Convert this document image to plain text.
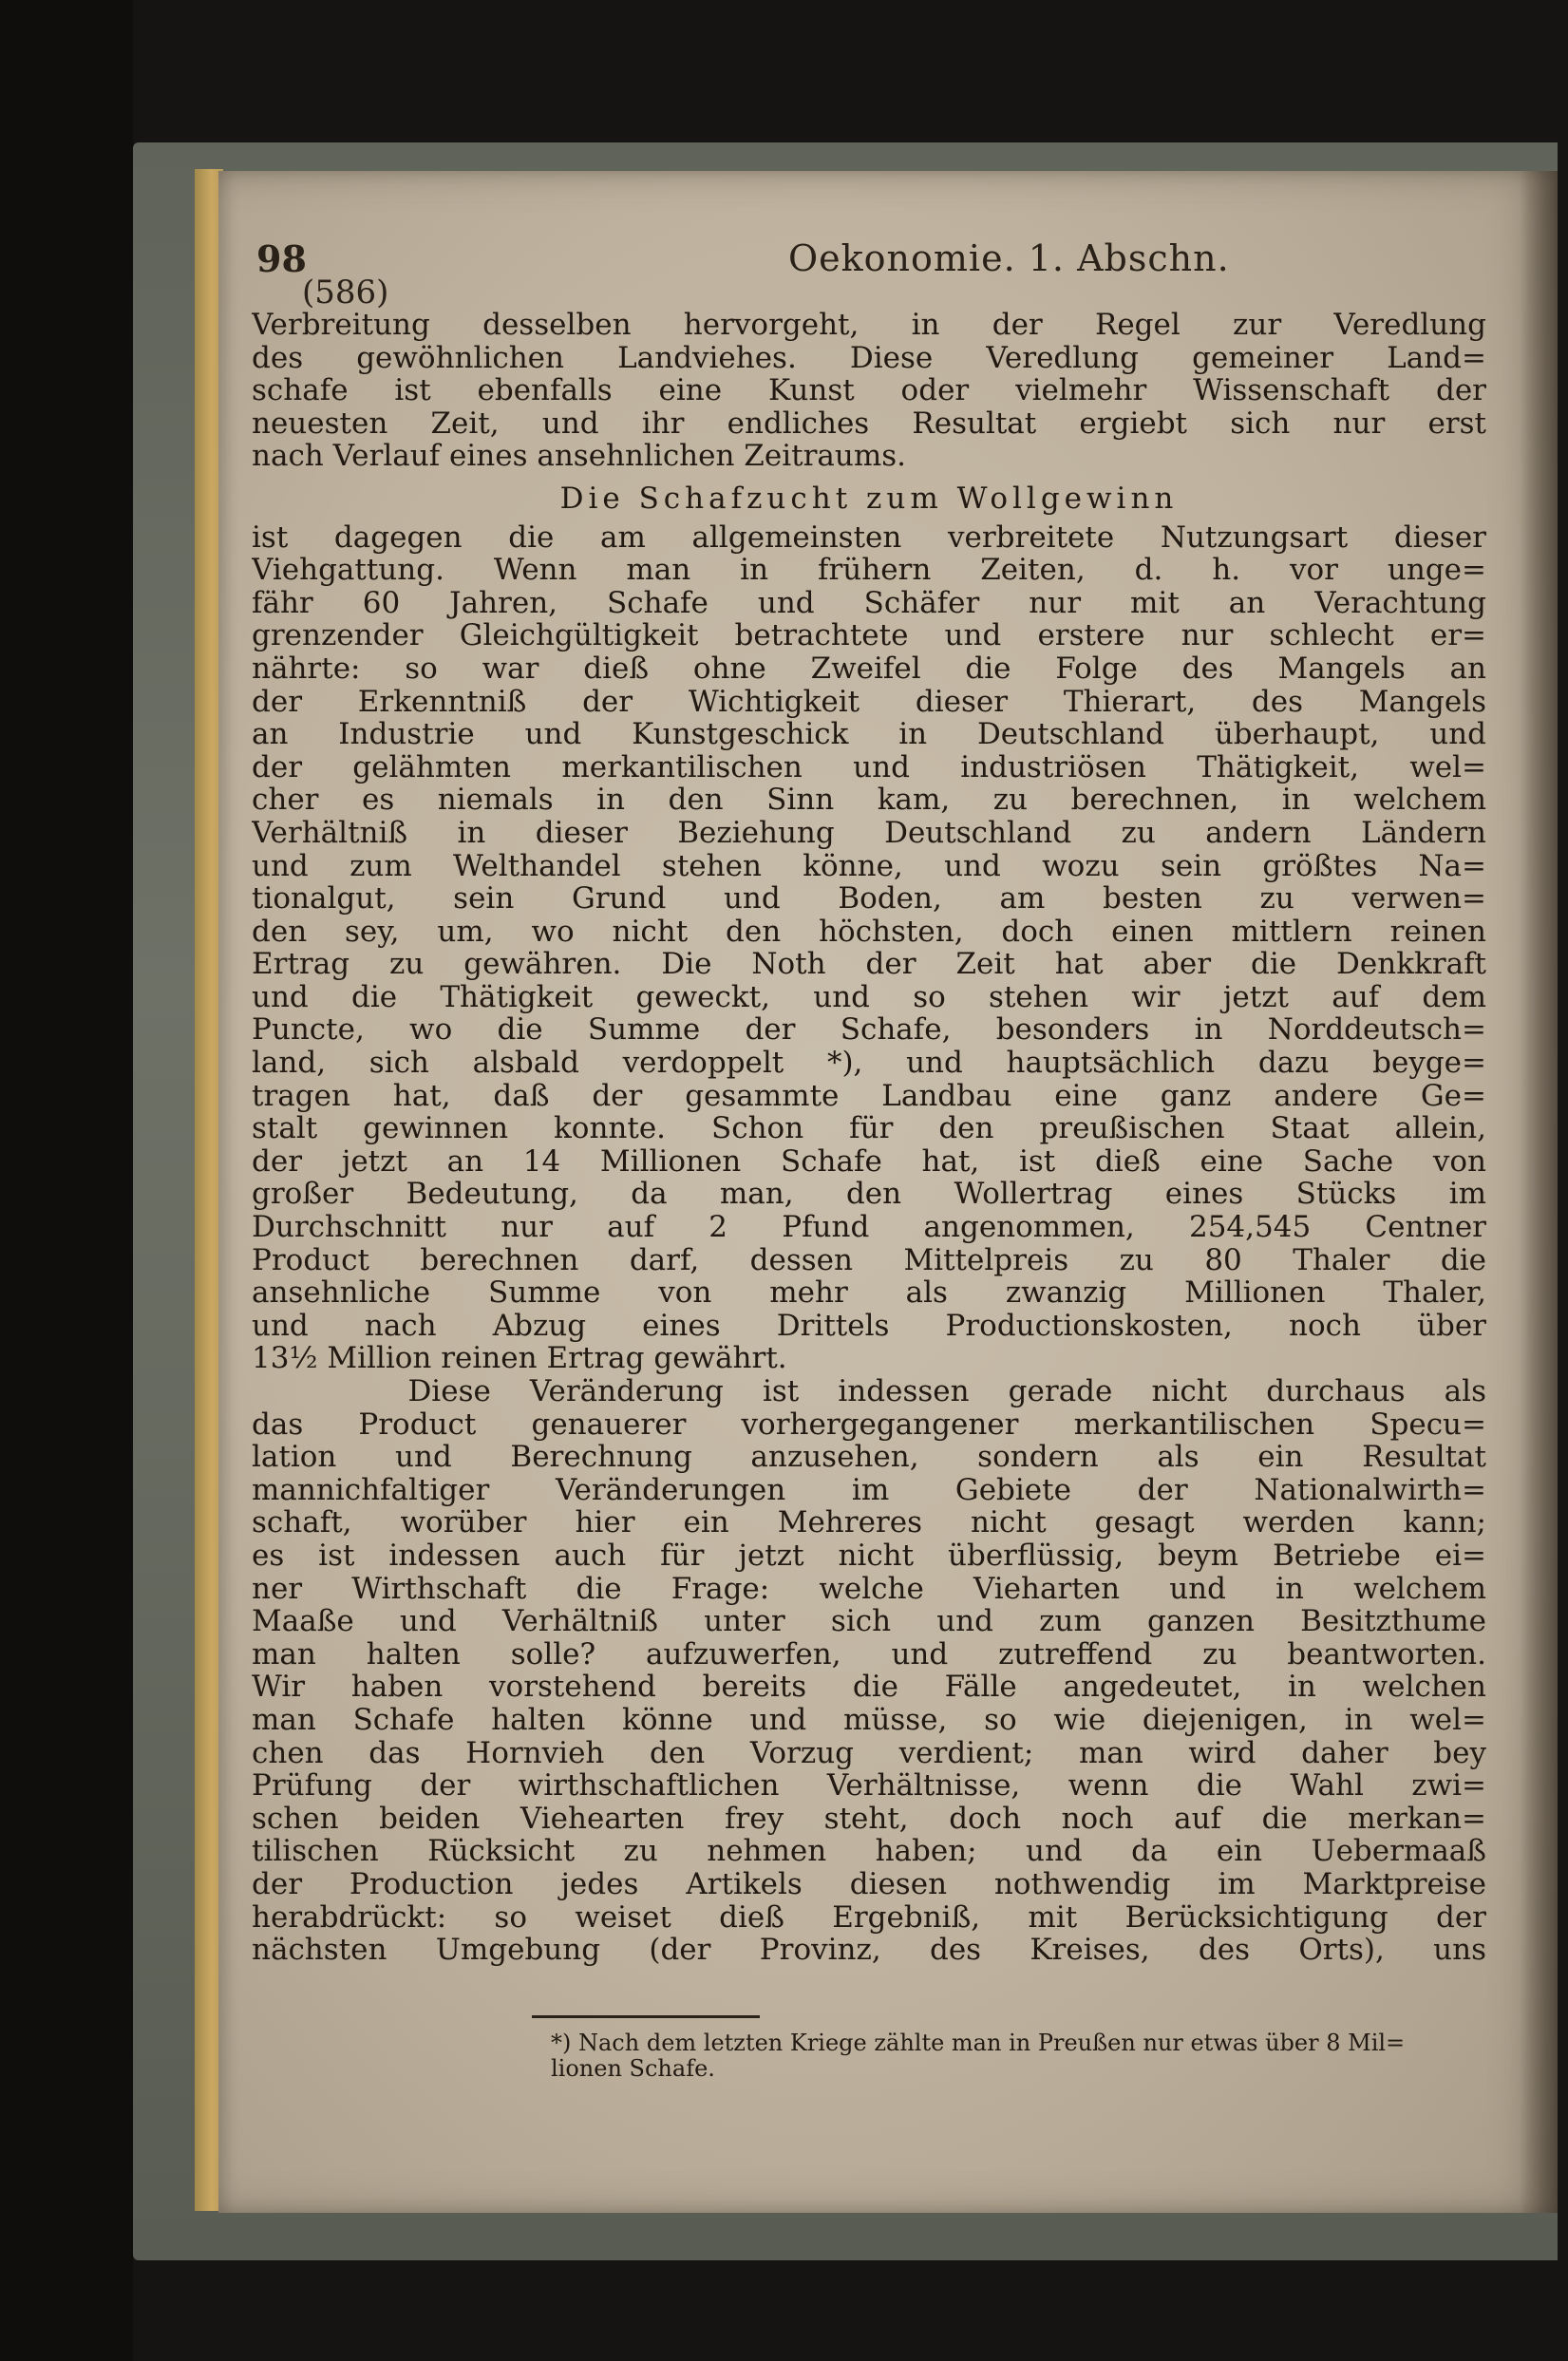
98	Oekonomie. 1. Abschn.
(586)
Verbreitung desselben hervorgeht, in der Regel zur Veredlung
des gewöhnlichen Landviehes. Diese Veredlung gemeiner Land=
schafe ist ebenfalls eine Kunst oder vielmehr Wissenschaft der
neuesten Zeit, und ihr endliches Resultat ergiebt sich nur erst
nach Verlauf eines ansehnlichen Zeitraums.
Die Schafzucht zum Wollgewinn
ist dagegen die am allgemeinsten verbreitete Nutzungsart dieser
Viehgattung. Wenn man in frühern Zeiten, d. h. vor unge=
fähr 60 Jahren, Schafe und Schäfer nur mit an Verachtung
grenzender Gleichgültigkeit betrachtete und erstere nur schlecht er=
nährte: so war dieß ohne Zweifel die Folge des Mangels an
der Erkenntniß der Wichtigkeit dieser Thierart, des Mangels
an Industrie und Kunstgeschick in Deutschland überhaupt, und
der gelähmten merkantilischen und industriösen Thätigkeit, wel=
cher es niemals in den Sinn kam, zu berechnen, in welchem
Verhältniß in dieser Beziehung Deutschland zu andern Ländern
und zum Welthandel stehen könne, und wozu sein größtes Na=
tionalgut, sein Grund und Boden, am besten zu verwen=
den sey, um, wo nicht den höchsten, doch einen mittlern reinen
Ertrag zu gewähren. Die Noth der Zeit hat aber die Denkkraft
und die Thätigkeit geweckt, und so stehen wir jetzt auf dem
Puncte, wo die Summe der Schafe, besonders in Norddeutsch=
land, sich alsbald verdoppelt *), und hauptsächlich dazu beyge=
tragen hat, daß der gesammte Landbau eine ganz andere Ge=
stalt gewinnen konnte. Schon für den preußischen Staat allein,
der jetzt an 14 Millionen Schafe hat, ist dieß eine Sache von
großer Bedeutung, da man, den Wollertrag eines Stücks im
Durchschnitt nur auf 2 Pfund angenommen, 254,545 Centner
Product berechnen darf, dessen Mittelpreis zu 80 Thaler die
ansehnliche Summe von mehr als zwanzig Millionen Thaler,
und nach Abzug eines Drittels Productionskosten, noch über
13½ Million reinen Ertrag gewährt.
Diese Veränderung ist indessen gerade nicht durchaus als
das Product genauerer vorhergegangener merkantilischen Specu=
lation und Berechnung anzusehen, sondern als ein Resultat
mannichfaltiger Veränderungen im Gebiete der Nationalwirth=
schaft, worüber hier ein Mehreres nicht gesagt werden kann;
es ist indessen auch für jetzt nicht überflüssig, beym Betriebe ei=
ner Wirthschaft die Frage: welche Vieharten und in welchem
Maaße und Verhältniß unter sich und zum ganzen Besitzthume
man halten solle? aufzuwerfen, und zutreffend zu beantworten.
Wir haben vorstehend bereits die Fälle angedeutet, in welchen
man Schafe halten könne und müsse, so wie diejenigen, in wel=
chen das Hornvieh den Vorzug verdient; man wird daher bey
Prüfung der wirthschaftlichen Verhältnisse, wenn die Wahl zwi=
schen beiden Viehearten frey steht, doch noch auf die merkan=
tilischen Rücksicht zu nehmen haben; und da ein Uebermaaß
der Production jedes Artikels diesen nothwendig im Marktpreise
herabdrückt: so weiset dieß Ergebniß, mit Berücksichtigung der
nächsten Umgebung (der Provinz, des Kreises, des Orts), uns
*) Nach dem letzten Kriege zählte man in Preußen nur etwas über 8 Mil=
lionen Schafe.
